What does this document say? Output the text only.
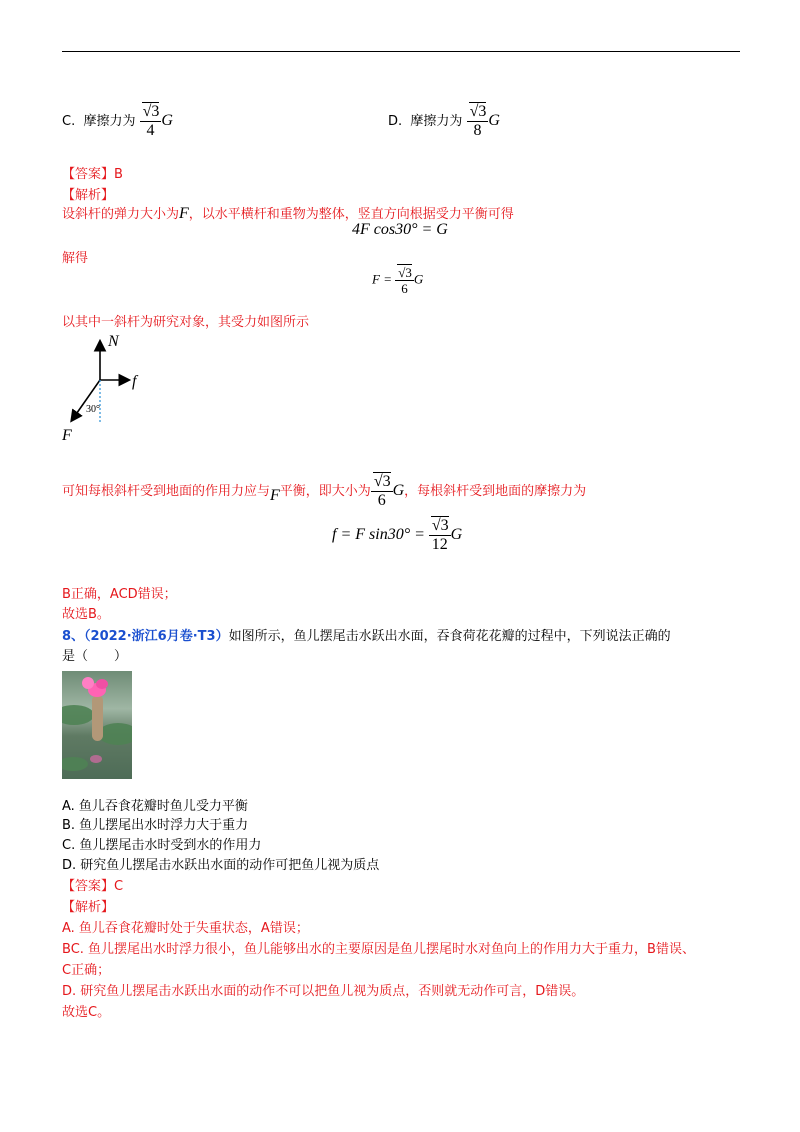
C. 摩擦力为 $\frac{√3}{4}$ G	D. 摩擦力为 $\frac{√3}{8}$ G
【答案】B
【解析】
设斜杆的弹力大小为F，以水平横杆和重物为整体，竖直方向根据受力平衡可得
4F cos30° = G
解得
$F = \frac{√3}{6}$ G
以其中一斜杆为研究对象，其受力如图所示
N
f
30°
F
可知每根斜杆受到地面的作用力应与F平衡，即大小为 $\frac{√3}{6}$ G，每根斜杆受到地面的摩擦力为
f = F $\sin 30^\circ = \frac{√3}{12}$ G
B正确，ACD错误；
故选B。
8、（2022·浙江6月卷·T3）如图所示，鱼儿摆尾击水跃出水面，吞食荷花花瓣的过程中，下列说法正确的
是（　　）
A. 鱼儿吞食花瓣时鱼儿受力平衡
B. 鱼儿摆尾出水时浮力大于重力
C. 鱼儿摆尾击水时受到水的作用力
D. 研究鱼儿摆尾击水跃出水面的动作可把鱼儿视为质点
【答案】C
【解析】
A. 鱼儿吞食花瓣时处于失重状态，A错误；
BC. 鱼儿摆尾出水时浮力很小，鱼儿能够出水的主要原因是鱼儿摆尾时水对鱼向上的作用力大于重力，B错误、
C正确；
D. 研究鱼儿摆尾击水跃出水面的动作不可以把鱼儿视为质点，否则就无动作可言，D错误。
故选C。
